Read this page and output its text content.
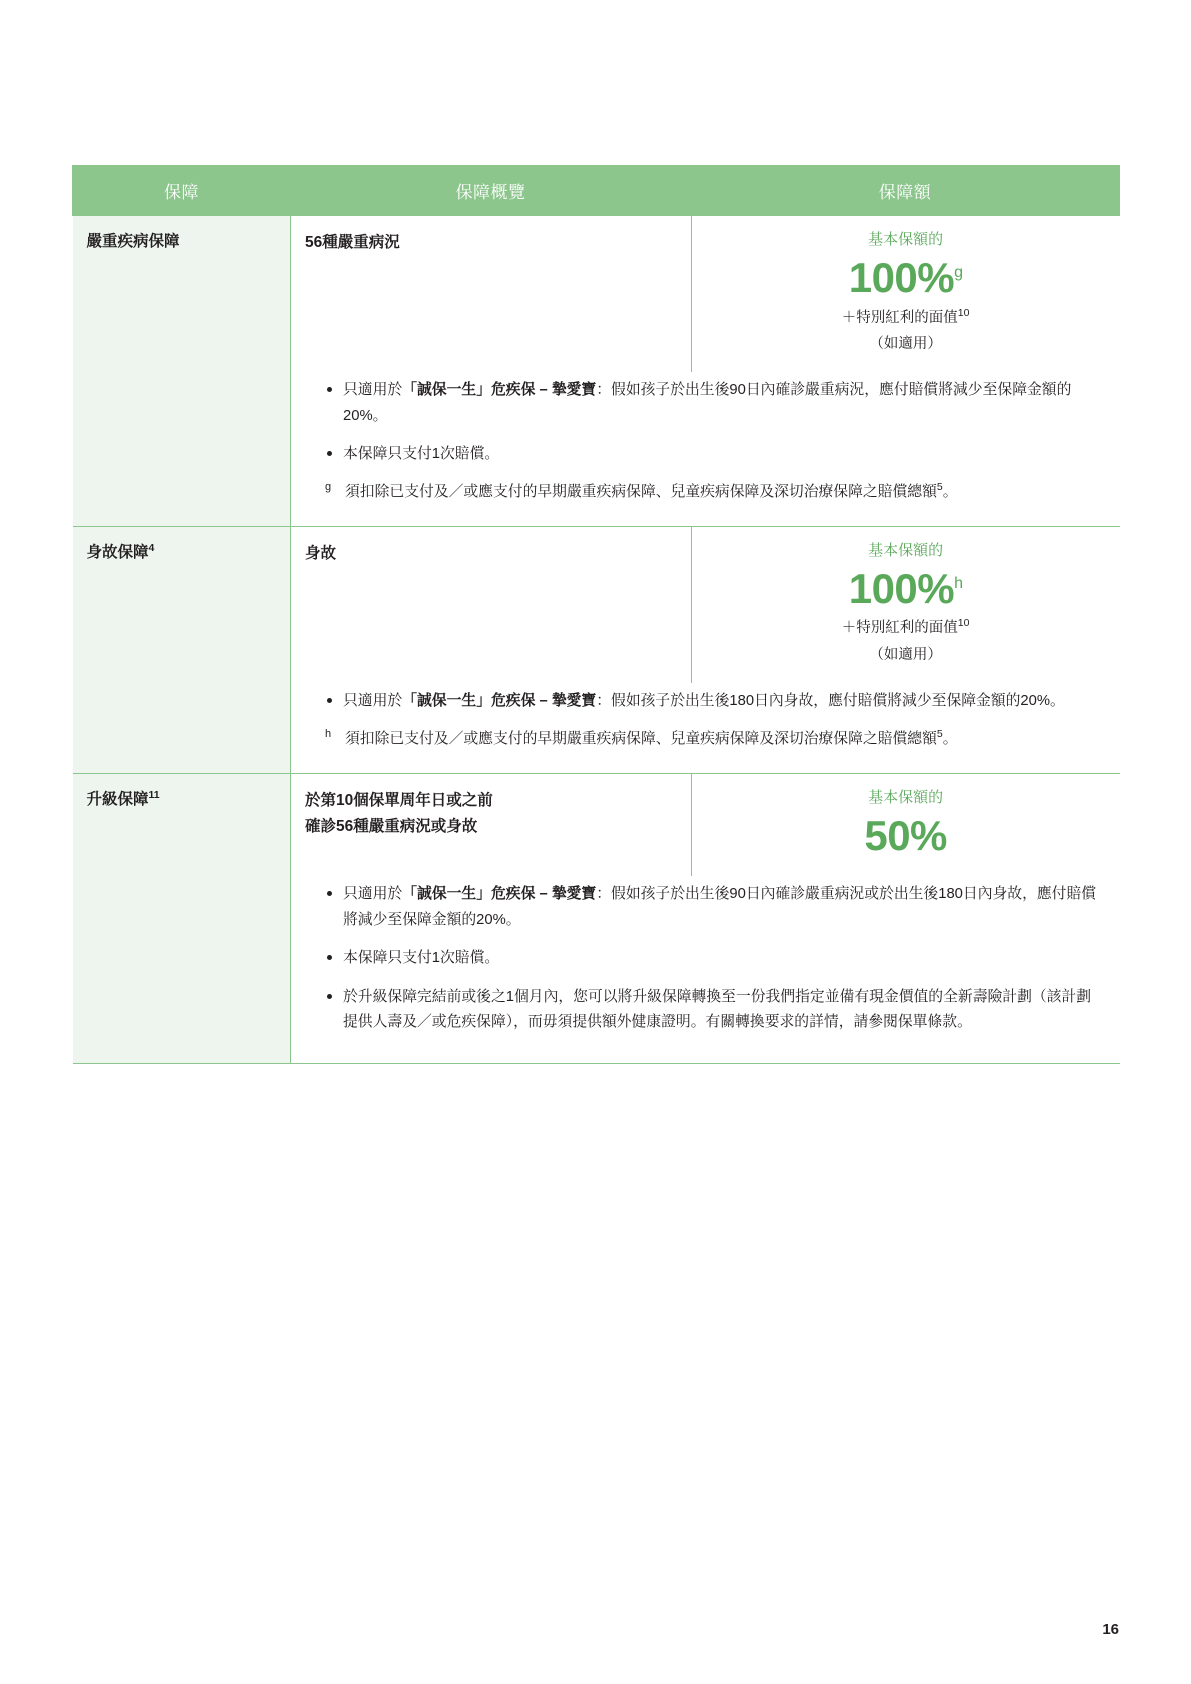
保障	保障概覽	保障額
嚴重疾病保障	56種嚴重病況	基本保額的
100%$^g$
＋特別紅利的面值$^{10}$
（如適用）
只適用於「誠保一生」危疾保 – 摯愛寶：假如孩子於出生後90日內確診嚴重病況，應付賠償將減少至保障金額的20%。
本保障只支付1次賠償。
g 須扣除已支付及／或應支付的早期嚴重疾病保障、兒童疾病保障及深切治療保障之賠償總額$^5$。

身故保障$^4$	身故	基本保額的
100%$^h$
＋特別紅利的面值$^{10}$
（如適用）
只適用於「誠保一生」危疾保 – 摯愛寶：假如孩子於出生後180日內身故，應付賠償將減少至保障金額的20%。
h 須扣除已支付及／或應支付的早期嚴重疾病保障、兒童疾病保障及深切治療保障之賠償總額$^5$。

升級保障$^{11}$	於第10個保單周年日或之前
確診56種嚴重病況或身故
基本保額的
50%
只適用於「誠保一生」危疾保 – 摯愛寶：假如孩子於出生後90日內確診嚴重病況或於出生後180日內身故，應付賠償將減少至保障金額的20%。
本保障只支付1次賠償。
於升級保障完結前或後之1個月內，您可以將升級保障轉換至一份我們指定並備有現金價值的全新壽險計劃（該計劃提供人壽及／或危疾保障），而毋須提供額外健康證明。有關轉換要求的詳情，請參閱保單條款。
16
